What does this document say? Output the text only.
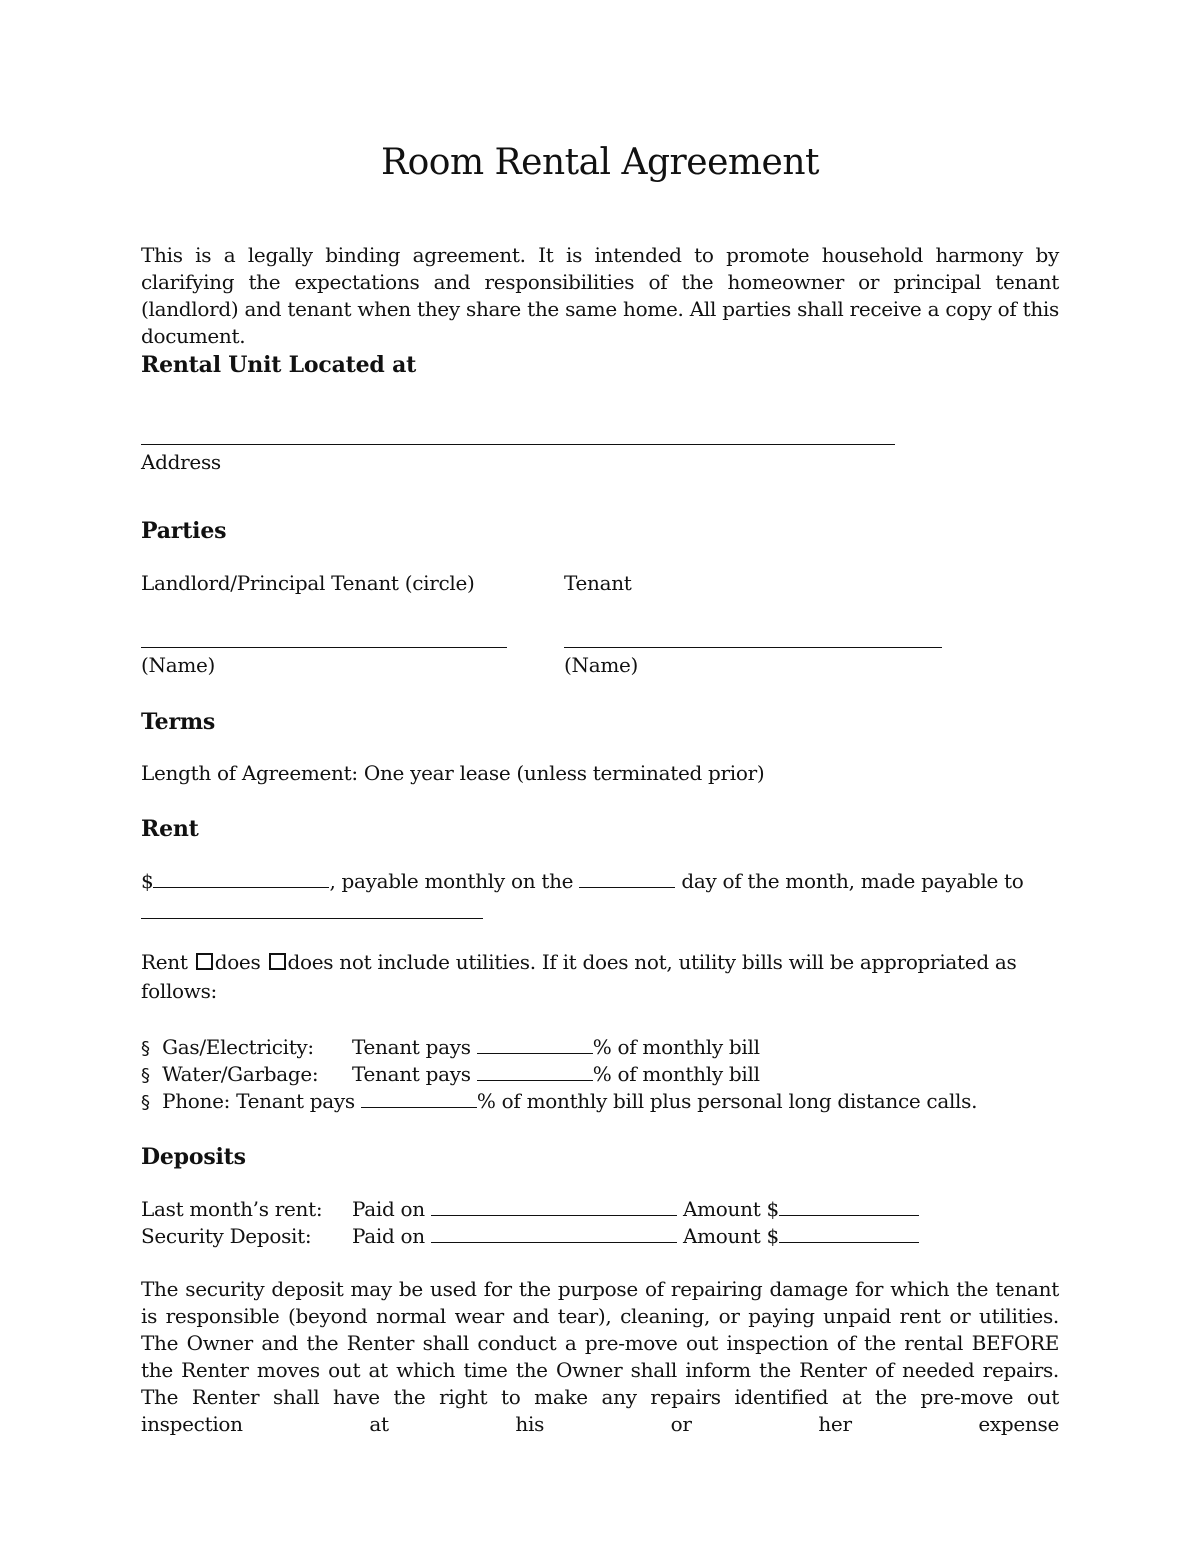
Room Rental Agreement
This is a legally binding agreement. It is intended to promote household harmony by clarifying the expectations and responsibilities of the homeowner or principal tenant (landlord) and tenant when they share the same home. All parties shall receive a copy of this document.
Rental Unit Located at
Address
Parties
Landlord/Principal Tenant (circle)	Tenant
(Name)	(Name)
Terms
Length of Agreement: One year lease (unless terminated prior)
Rent
$	, payable monthly on the	day of the month, made payable to
Rent does does not include utilities. If it does not, utility bills will be appropriated as
follows:
§ Gas/Electricity: Tenant pays	% of monthly bill
§ Water/Garbage: Tenant pays	% of monthly bill
§ Phone: Tenant pays	% of monthly bill plus personal long distance calls.
Deposits
Last month’s rent: Paid on	Amount $
Security Deposit: Paid on	Amount $
The security deposit may be used for the purpose of repairing damage for which the tenant is responsible (beyond normal wear and tear), cleaning, or paying unpaid rent or utilities. The Owner and the Renter shall conduct a pre-move out inspection of the rental BEFORE the Renter moves out at which time the Owner shall inform the Renter of needed repairs. The Renter shall have the right to make any repairs identified at the pre-move out inspection at his or her expense
